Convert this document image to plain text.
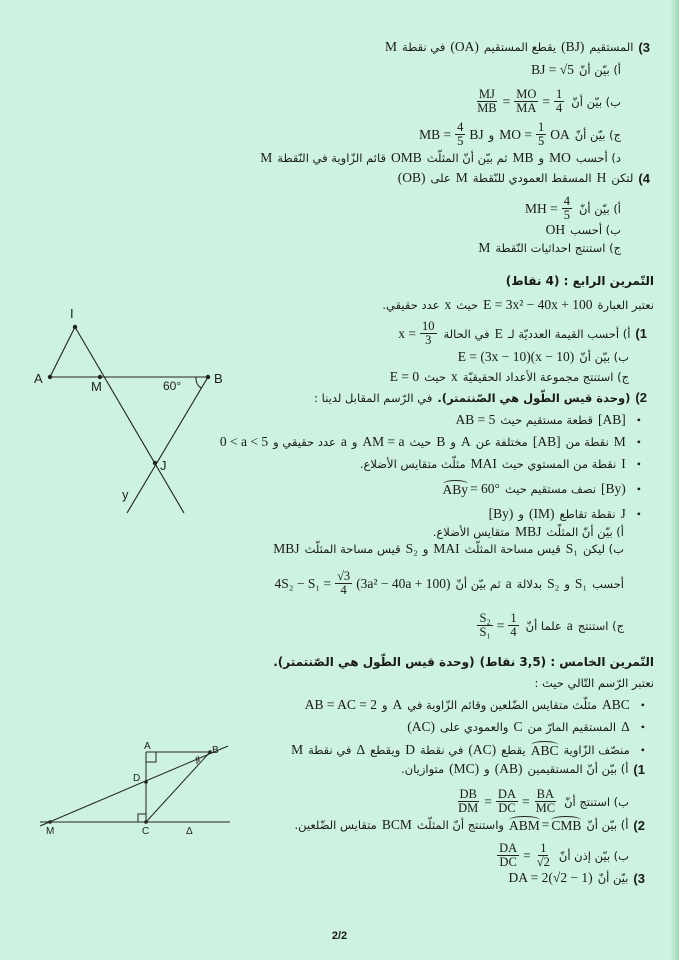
3)
المستقيم
(BJ)
يقطع المستقيم
(OA)
في نقطة
M
أ) بيّن أنّ
BJ = √5
ب) بيّن أنّ
$\frac{MJ}{MB} = \frac{MO}{MA} = \frac{1}{4}$
ج) بيّن أنّ
MO = $\frac{1}{5}$ OA
و
MB = $\frac{4}{5}$ BJ
د) أحسب
MO
و
MB
ثم بيّن أنّ المثلّث
OMB
قائم الزّاوية في النّقطة
M
4)
لتكن
H
المسقط العمودي للنّقطة
M
على
(OB)
أ) بيّن أنّ
MH = $\frac{4}{5}$
ب) أحسب
OH
ج) استنتج احداثيات النّقطة
M
التّمرين الرابع : (4 نقاط)
نعتبر العبارة
E = 3x² − 40x + 100
حيث
x
عدد حقيقي.
1)
أ) أحسب القيمة العدديّة لـ
E
في الحالة
$x = \frac{10}{3}$
ب) بيّن أنّ
E = (3x − 10)(x − 10)
ج) استنتج مجموعة الأعداد الحقيقيّة
x
حيث
E = 0
2)
(وحدة قيس الطّول هي الصّنتمتر).
في الرّسم المقابل لدينا :
•
[AB]
قطعة مستقيم حيث
AB = 5
•
M
نقطة من
[AB]
مختلفة عن
A
و
B
حيث
AM = a
و
a
عدد حقيقي و
0 < a < 5
•
I
نقطة من المستوي حيث
MAI
مثلّث متقايس الأضلاع.
•
[By)
نصف مستقيم حيث
ABy = 60°
•
J
نقطة تقاطع
(IM)
و
[By)
أ) بيّن أنّ المثلّث
MBJ
متقايس الأضلاع.
ب) ليكن
S₁
قيس مساحة المثلّث
MAI
و
S₂
قيس مساحة المثلّث
MBJ
أحسب
S₁
و
S₂
بدلالة
a
ثم بيّن أنّ
$4S_2 - S_1 = \frac{√3}{4} (3a^2 - 40a + 100)$
ج) استنتج
a
علما أنّ
$\frac{\text{S₂}}{\text{S₁}} = \frac{1}{4}$
التّمرين الخامس : (3,5 نقاط)
(وحدة قيس الطّول هي الصّنتمتر).
نعتبر الرّسم التّالي حيث :
•
ABC
مثلّث متقايس الضّلعين وقائم الزّاوية في
A
و
AB = AC = 2
•
Δ
المستقيم المارّ من
C
والعمودي على
(AC)
•
منصّف الزّاوية
ABC
يقطع
(AC)
في نقطة
D
ويقطع
Δ
في نقطة
M
1)
أ) بيّن أنّ المستقيمين
(AB)
و
(MC)
متوازيان.
ب) استنتج أنّ
$\frac{DB}{DM} = \frac{DA}{DC} = \frac{BA}{MC}$
2)
أ) بيّن أنّ
ABM = CMB
واستنتج أنّ المثلّث
BCM
متقايس الضّلعين.
ب) بيّن إذن أنّ
$\frac{DA}{DC} = \frac{1}{√2}$
3)
بيّن أنّ
DA = 2(√2 − 1)
I
A
M
B
J
y
60°
A	B
D
C
M	Δ
2/2
